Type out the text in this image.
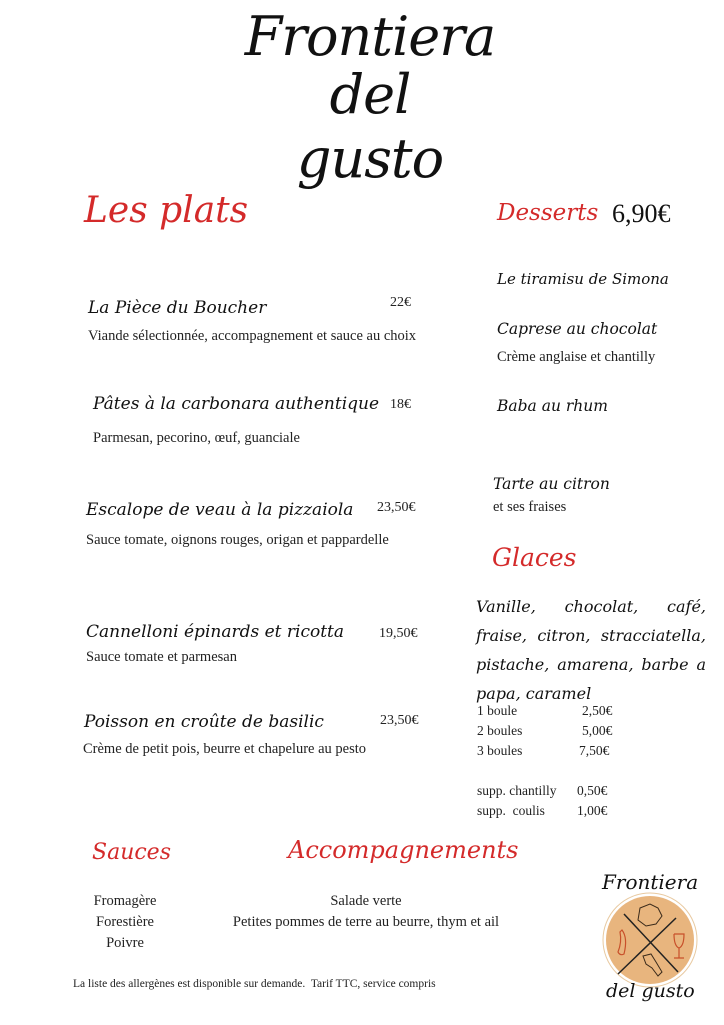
Frontiera del
gusto
Les plats
La Pièce du Boucher	22€
Viande sélectionnée, accompagnement et sauce au choix
Pâtes à la carbonara authentique 18€
Parmesan, pecorino, œuf, guanciale
Escalope de veau à la pizzaiola 23,50€
Sauce tomate, oignons rouges, origan et pappardelle
Cannelloni épinards et ricotta 19,50€
Sauce tomate et parmesan
Poisson en croûte de basilic	23,50€
Crème de petit pois, beurre et chapelure au pesto
Desserts 6,90€
Le tiramisu de Simona
Caprese au chocolat
Crème anglaise et chantilly
Baba au rhum
Tarte au citron
et ses fraises
Glaces
Vanille, chocolat, café, fraise, citron, stracciatella, pistache, amarena, barbe a papa, caramel
1 boule	2,50€
2 boules	5,00€
3 boules	7,50€
supp. chantilly	0,50€
supp.  coulis	1,00€
Sauces
Fromagère
Forestière
Poivre
Accompagnements
Salade verte
Petites pommes de terre au beurre, thym et ail
Frontiera
del gusto
La liste des allergènes est disponible sur demande.  Tarif TTC, service compris
